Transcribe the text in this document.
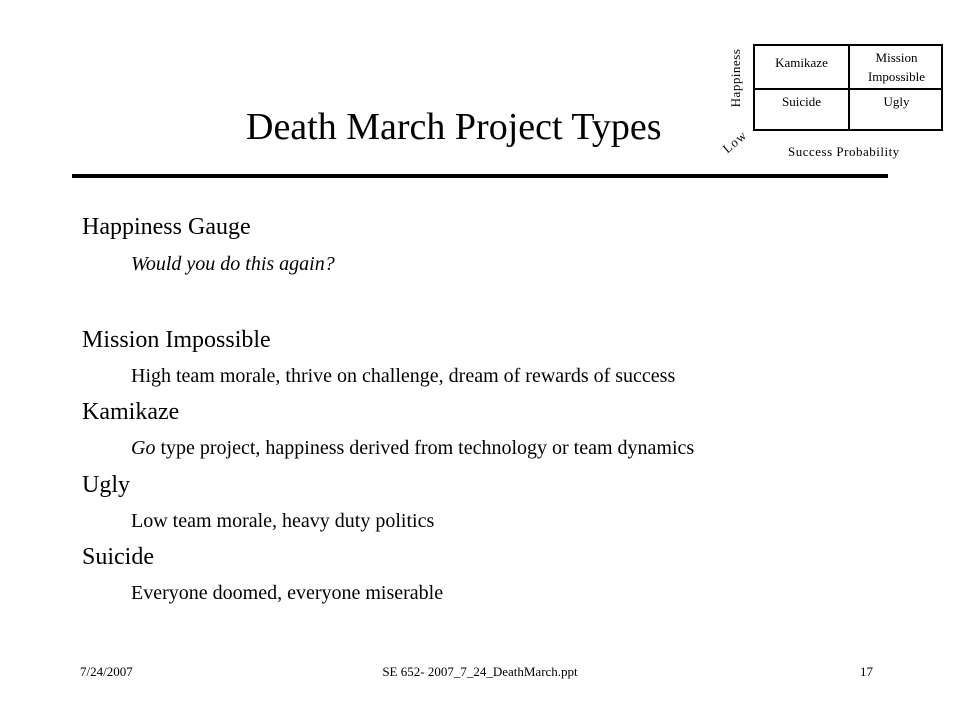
Death March Project Types
Happiness
Low
Kamikaze	Mission
Impossible
Suicide	Ugly
Success Probability
Happiness Gauge
Would you do this again?
Mission Impossible
High team morale, thrive on challenge, dream of rewards of success
Kamikaze
Go type project, happiness derived from technology or team dynamics
Ugly
Low team morale, heavy duty politics
Suicide
Everyone doomed, everyone miserable
7/24/2007	SE 652- 2007_7_24_DeathMarch.ppt	17
